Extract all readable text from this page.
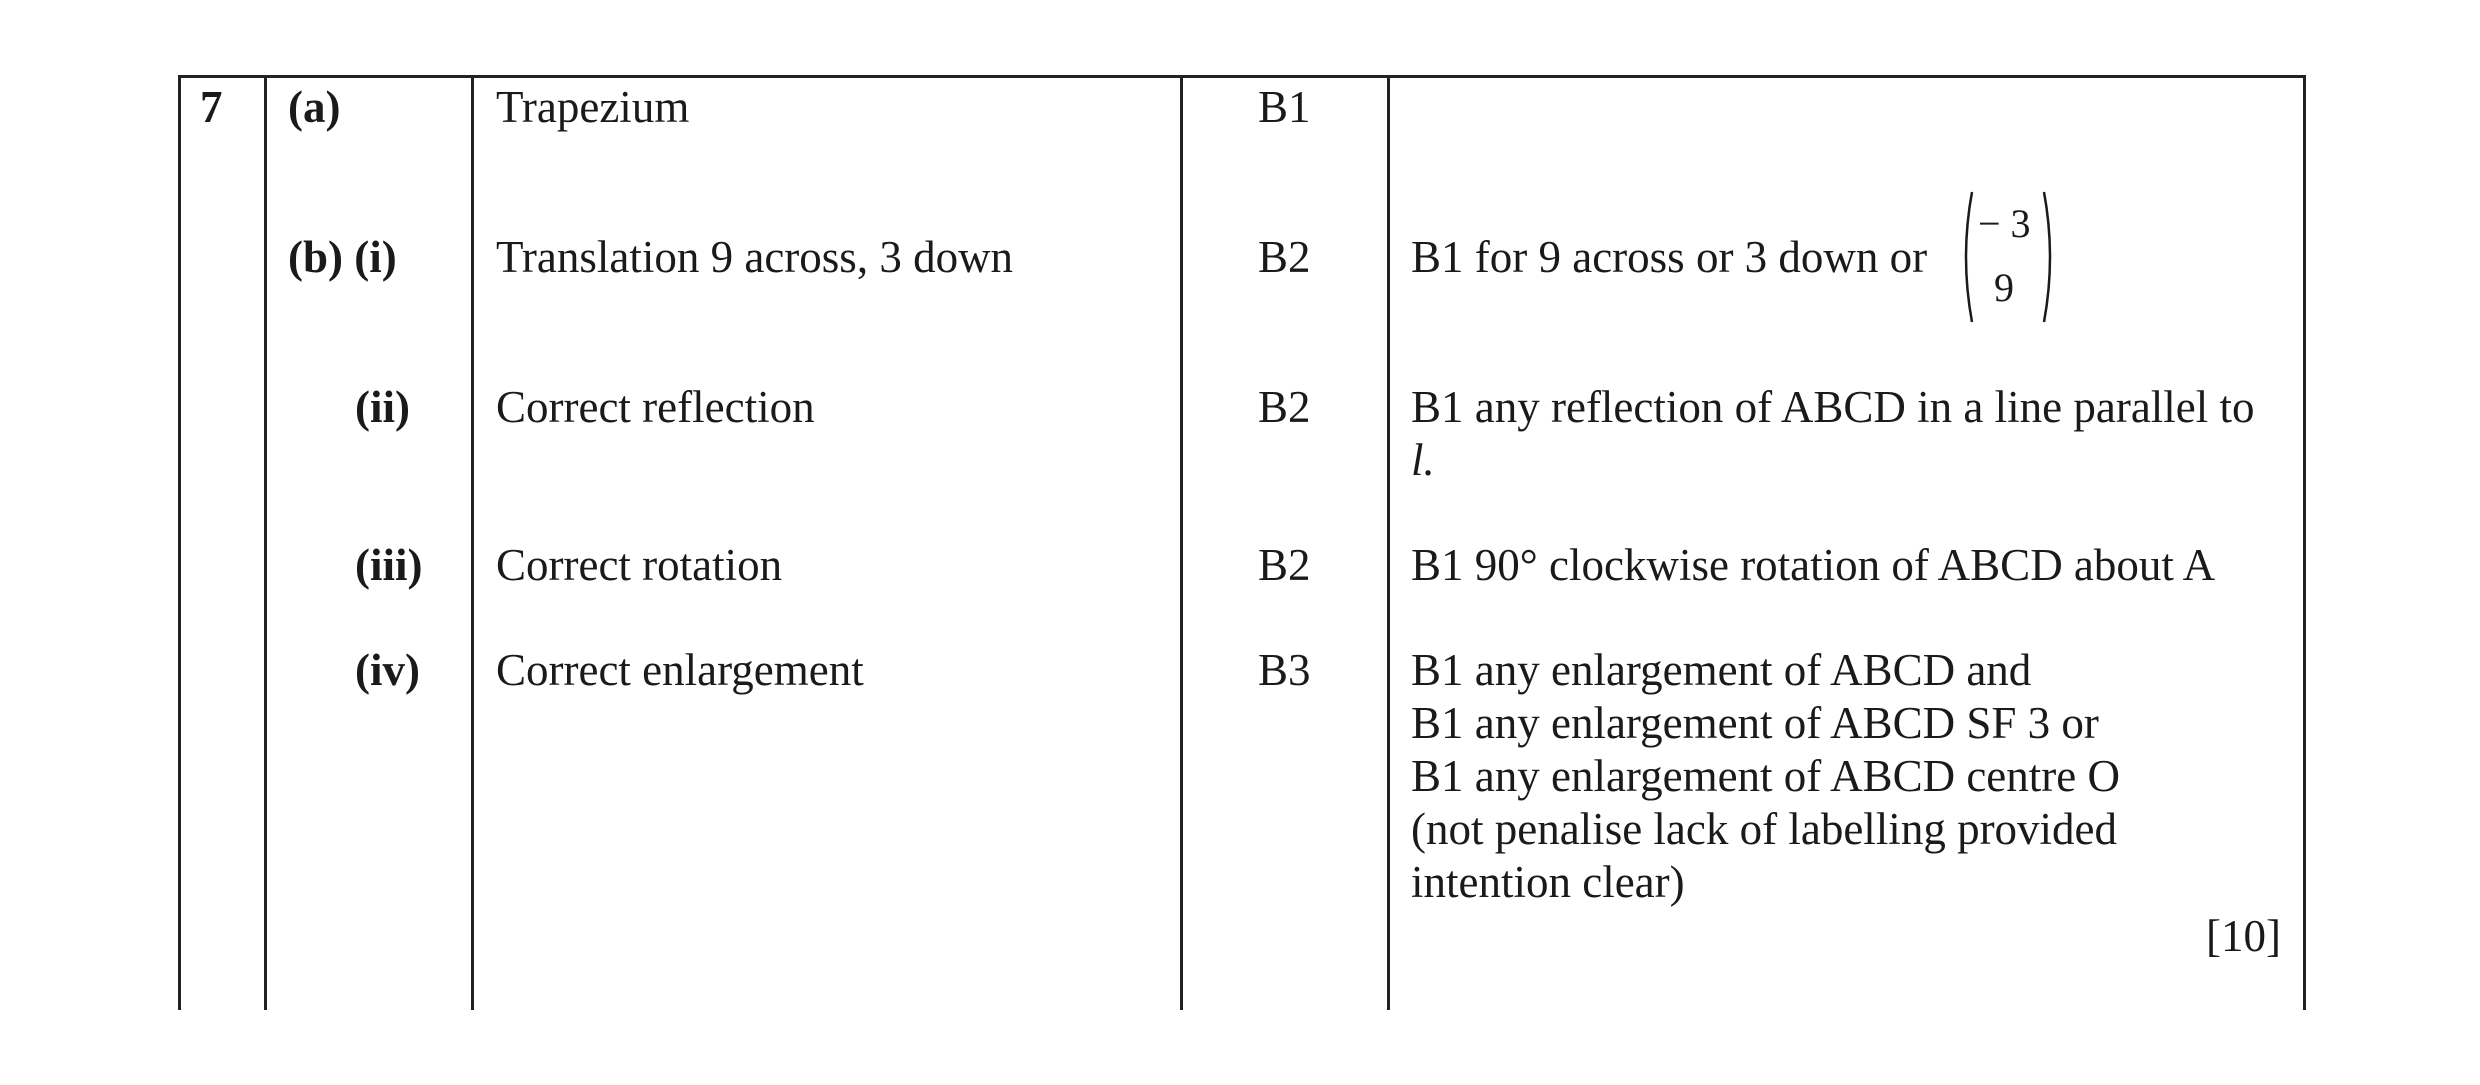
7 (a)	Trapezium	B1
(b) (i) Translation 9 across, 3 down	B2 B1 for 9 across or 3 down or
− 3
9
(ii) Correct reflection	B2 B1 any reflection of ABCD in a line parallel to
l.
(iii) Correct rotation	B2 B1 90° clockwise rotation of ABCD about A
(iv) Correct enlargement	B3 B1 any enlargement of ABCD and
B1 any enlargement of ABCD SF 3 or
B1 any enlargement of ABCD centre O
(not penalise lack of labelling provided
intention clear)
[10]
